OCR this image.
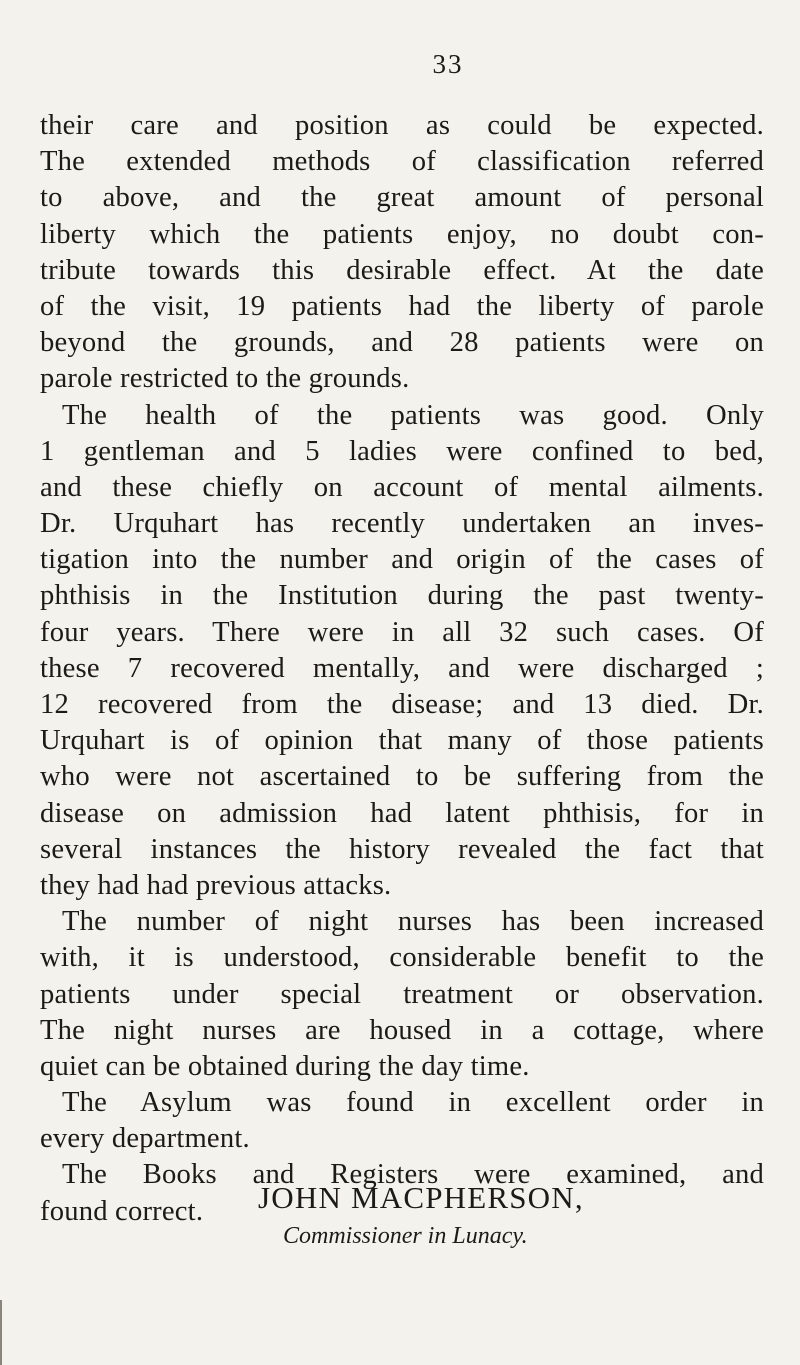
33
their care and position as could be expected.
The extended methods of classification referred
to above, and the great amount of personal
liberty which the patients enjoy, no doubt con-
tribute towards this desirable effect. At the date
of the visit, 19 patients had the liberty of parole
beyond the grounds, and 28 patients were on
parole restricted to the grounds.
The health of the patients was good. Only
1 gentleman and 5 ladies were confined to bed,
and these chiefly on account of mental ailments.
Dr. Urquhart has recently undertaken an inves-
tigation into the number and origin of the cases of
phthisis in the Institution during the past twenty-
four years. There were in all 32 such cases. Of
these 7 recovered mentally, and were discharged ;
12 recovered from the disease; and 13 died. Dr.
Urquhart is of opinion that many of those patients
who were not ascertained to be suffering from the
disease on admission had latent phthisis, for in
several instances the history revealed the fact that
they had had previous attacks.
The number of night nurses has been increased
with, it is understood, considerable benefit to the
patients under special treatment or observation.
The night nurses are housed in a cottage, where
quiet can be obtained during the day time.
The Asylum was found in excellent order in
every department.
The Books and Registers were examined, and
found correct.	JOHN MACPHERSON,
Commissioner in Lunacy.
